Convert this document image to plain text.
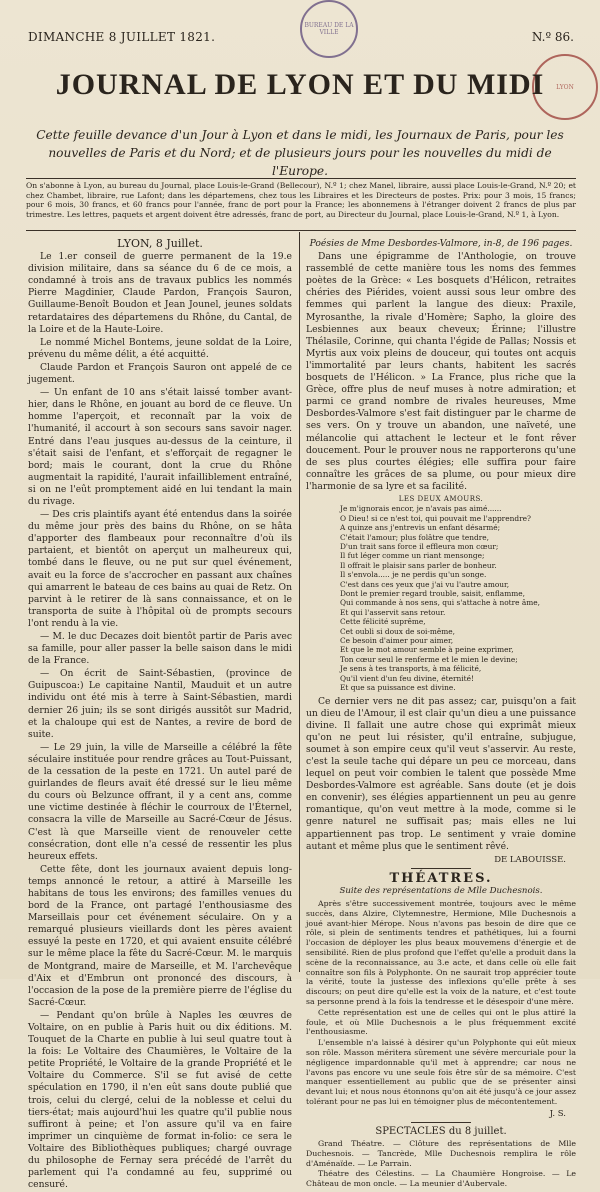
DIMANCHE 8 JUILLET 1821.	N.º 86.
BUREAU DE LA VILLE
LYON
JOURNAL DE LYON ET DU MIDI
Cette feuille devance d'un Jour à Lyon et dans le midi, les Journaux de Paris, pour les nouvelles de Paris et du Nord; et de plusieurs jours pour les nouvelles du midi de l'Europe.
On s'abonne à Lyon, au bureau du Journal, place Louis-le-Grand (Bellecour), N.º 1; chez Manel, libraire, aussi place Louis-le-Grand, N.º 20; et chez Chambet, libraire, rue Lafont; dans les départemens, chez tous les Libraires et les Directeurs de postes. Prix: pour 3 mois, 15 francs; pour 6 mois, 30 francs, et 60 francs pour l'année, franc de port pour la France; les abonnemens à l'étranger doivent 2 francs de plus par trimestre. Les lettres, paquets et argent doivent être adressés, franc de port, au Directeur du Journal, place Louis-le-Grand, N.º 1, à Lyon.

LYON, 8 Juillet.

Le 1.er conseil de guerre permanent de la 19.e division militaire, dans sa séance du 6 de ce mois, a condamné à trois ans de travaux publics les nommés Pierre Magdinier, Claude Pardon, François Sauron, Guillaume-Benoît Boudon et Jean Jounel, jeunes soldats retardataires des départemens du Rhône, du Cantal, de la Loire et de la Haute-Loire.

Le nommé Michel Bontems, jeune soldat de la Loire, prévenu du même délit, a été acquitté.

Claude Pardon et François Sauron ont appelé de ce jugement.

— Un enfant de 10 ans s'était laissé tomber avant-hier, dans le Rhône, en jouant au bord de ce fleuve. Un homme l'aperçoit, et reconnaît par la voix de l'humanité, il accourt à son secours sans savoir nager. Entré dans l'eau jusques au-dessus de la ceinture, il s'était saisi de l'enfant, et s'efforçait de regagner le bord; mais le courant, dont la crue du Rhône augmentait la rapidité, l'aurait infailliblement entraîné, si on ne l'eût promptement aidé en lui tendant la main du rivage.

— Des cris plaintifs ayant été entendus dans la soirée du même jour près des bains du Rhône, on se hâta d'apporter des flambeaux pour reconnaître d'où ils partaient, et bientôt on aperçut un malheureux qui, tombé dans le fleuve, ou ne put sur quel événement, avait eu la force de s'accrocher en passant aux chaînes qui amarrent le bateau de ces bains au quai de Retz. On parvint à le retirer de là sans connaissance, et on le transporta de suite à l'hôpital où de prompts secours l'ont rendu à la vie.

— M. le duc Decazes doit bientôt partir de Paris avec sa famille, pour aller passer la belle saison dans le midi de la France.

— On écrit de Saint-Sébastien, (province de Guipuscoa:) Le capitaine Nantil, Mauduit et un autre individu ont été mis à terre à Saint-Sébastien, mardi dernier 26 juin; ils se sont dirigés aussitôt sur Madrid, et la chaloupe qui est de Nantes, a revire de bord de suite.

— Le 29 juin, la ville de Marseille a célébré la fête séculaire instituée pour rendre grâces au Tout-Puissant, de la cessation de la peste en 1721. Un autel paré de guirlandes de fleurs avait été dressé sur le lieu même du cours où Belzunce offrant, il y a cent ans, comme une victime destinée à fléchir le courroux de l'Éternel, consacra la ville de Marseille au Sacré-Cœur de Jésus. C'est là que Marseille vient de renouveler cette consécration, dont elle n'a cessé de ressentir les plus heureux effets.

Cette fête, dont les journaux avaient depuis long-temps annoncé le retour, a attiré à Marseille les habitans de tous les environs; des familles venues du bord de la France, ont partagé l'enthousiasme des Marseillais pour cet événement séculaire. On y a remarqué plusieurs vieillards dont les pères avaient essuyé la peste en 1720, et qui avaient ensuite célébré sur le même place la fête du Sacré-Cœur. M. le marquis de Montgrand, maire de Marseille, et M. l'archevêque d'Aix et d'Embrun ont prononcé des discours, à l'occasion de la pose de la première pierre de l'église du Sacré-Cœur.

— Pendant qu'on brûle à Naples les œuvres de Voltaire, on en publie à Paris huit ou dix éditions. M. Touquet de la Charte en publie à lui seul quatre tout à la fois: Le Voltaire des Chaumières, le Voltaire de la petite Propriété, le Voltaire de la grande Propriété et le Voltaire du Commerce. S'il se fut avisé de cette spéculation en 1790, il n'en eût sans doute publié que trois, celui du clergé, celui de la noblesse et celui du tiers-état; mais aujourd'hui les quatre qu'il publie nous suffiront à peine; et l'on assure qu'il va en faire imprimer un cinquième de format in-folio: ce sera le Voltaire des Bibliothèques publiques; chargé ouvrage du philosophe de Fernay sera précédé de l'arrêt du parlement qui l'a condamné au feu, supprimé ou censuré.

Poésies de Mme Desbordes-Valmore, in-8, de 196 pages.

Dans une épigramme de l'Anthologie, on trouve rassemblé de cette manière tous les noms des femmes poètes de la Grèce: « Les bosquets d'Hélicon, retraites chéries des Piérides, voient aussi sous leur ombre des femmes qui parlent la langue des dieux: Praxile, Myrosanthe, la rivale d'Homère; Sapho, la gloire des Lesbiennes aux beaux cheveux; Érinne; l'illustre Thélasile, Corinne, qui chanta l'égide de Pallas; Nossis et Myrtis aux voix pleins de douceur, qui toutes ont acquis l'immortalité par leurs chants, habitent les sacrés bosquets de l'Hélicon. » La France, plus riche que la Grèce, offre plus de neuf muses à notre admiration; et parmi ce grand nombre de rivales heureuses, Mme Desbordes-Valmore s'est fait distinguer par le charme de ses vers. On y trouve un abandon, une naïveté, une mélancolie qui attachent le lecteur et le font rêver doucement. Pour le prouver nous ne rapporterons qu'une de ses plus courtes élégies; elle suffira pour faire connaître les grâces de sa plume, ou pour mieux dire l'harmonie de sa lyre et sa facilité.

LES DEUX AMOURS.
Je m'ignorais encor, je n'avais pas aimé......
O Dieu! si ce n'est toi, qui pouvait me l'apprendre?
A quinze ans j'entrevis un enfant désarmé;
C'était l'amour; plus folâtre que tendre,
D'un trait sans force il effleura mon cœur;
Il fut léger comme un riant mensonge;
Il offrait le plaisir sans parler de bonheur.
Il s'envola..... je ne perdis qu'un songe.
C'est dans ces yeux que j'ai vu l'autre amour,
Dont le premier regard trouble, saisit, enflamme,
Qui commande à nos sens, qui s'attache à notre âme,
Et qui l'asservit sans retour.
Cette félicité suprême,
Cet oubli si doux de soi-même,
Ce besoin d'aimer pour aimer,
Et que le mot amour semble à peine exprimer,
Ton cœur seul le renferme et le mien le devine;
Je sens à tes transports, à ma félicité,
Qu'il vient d'un feu divine, éternité!
Et que sa puissance est divine.

Ce dernier vers ne dit pas assez; car, puisqu'on a fait un dieu de l'Amour, il est clair qu'un dieu a une puissance divine. Il fallait une autre chose qui exprimât mieux qu'on ne peut lui résister, qu'il entraîne, subjugue, soumet à son empire ceux qu'il veut s'asservir. Au reste, c'est la seule tache qui dépare un peu ce morceau, dans lequel on peut voir combien le talent que possède Mme Desbordes-Valmore est agréable. Sans doute (et je dois en convenir), ses élégies appartiennent un peu au genre romantique, qu'on veut mettre à la mode, comme si le genre naturel ne suffisait pas; mais elles ne lui appartiennent pas trop. Le sentiment y vraie domine autant et même plus que le sentiment rêvé.

DE LABOUISSE.
THÉATRES.
Suite des représentations de Mlle Duchesnois.

Après s'être successivement montrée, toujours avec le même succès, dans Alzire, Clytemnestre, Hermione, Mlle Duchesnois a joué avant-hier Mérope. Nous n'avons pas besoin de dire que ce rôle, si plein de sentiments tendres et pathétiques, lui a fourni l'occasion de déployer les plus beaux mouvemens d'énergie et de sensibilité. Rien de plus profond que l'effet qu'elle a produit dans la scène de la reconnaissance, au 3.e acte, et dans celle où elle fait connaître son fils à Polyphonte. On ne saurait trop apprécier toute la vérité, toute la justesse des inflexions qu'elle prête à ses discours; on peut dire qu'elle est la voix de la nature, et c'est toute sa personne prend à la fois la tendresse et le désespoir d'une mère.

Cette représentation est une de celles qui ont le plus attiré la foule, et où Mlle Duchesnois a le plus fréquemment excité l'enthousiasme.

L'ensemble n'a laissé à désirer qu'un Polyphonte qui eût mieux son rôle. Masson méritera sûrement une sévère mercuriale pour la négligence impardonnable qu'il met à apprendre; car nous ne l'avons pas encore vu une seule fois être sûr de sa mémoire. C'est manquer essentiellement au public que de se présenter ainsi devant lui; et nous nous étonnons qu'on ait été jusqu'à ce jour assez tolérant pour ne pas lui en témoigner plus de mécontentement.

J. S.
SPECTACLES du 8 juillet.

Grand Théatre. — Clôture des représentations de Mlle Duchesnois. — Tancrède, Mlle Duchesnois remplira le rôle d'Aménaïde. — Le Parrain.

Théatre des Célestins. — La Chaumière Hongroise. — Le Château de mon oncle. — La meunier d'Aubervale.
